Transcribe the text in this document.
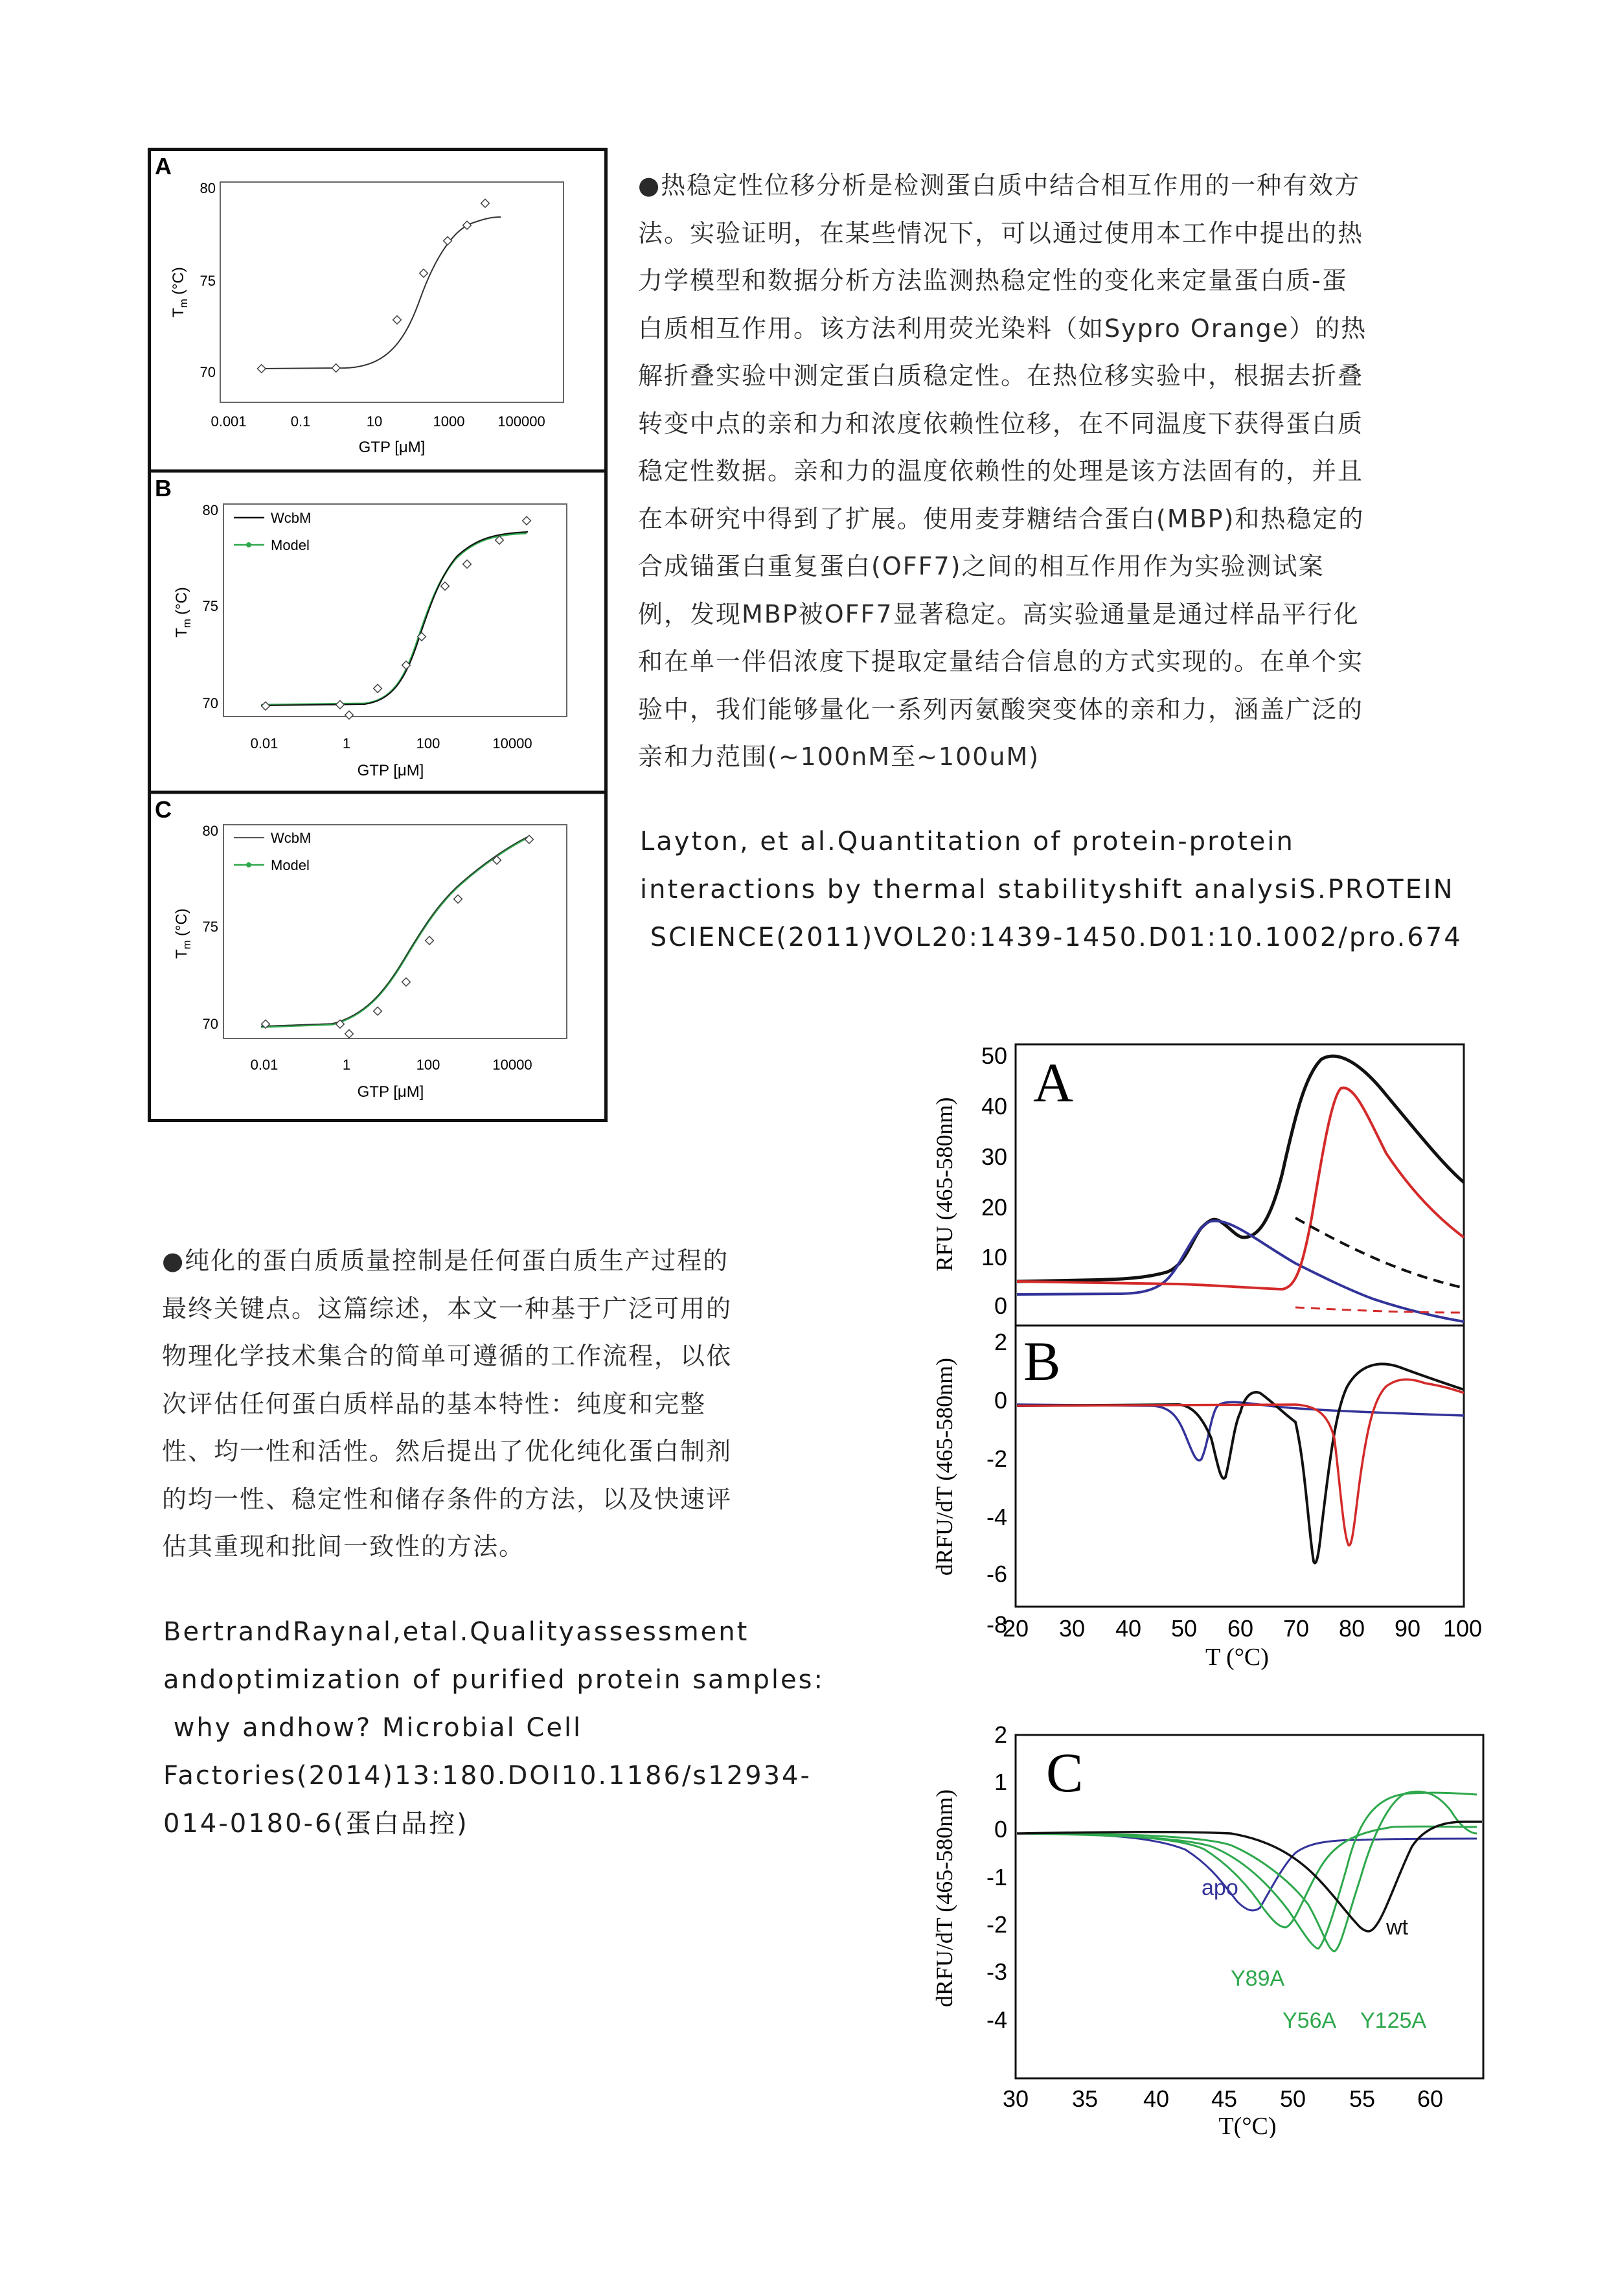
A
80
75
70
0.001	0.1	10	1000 100000
GTP [μM]
$T_m(^\circ C)$
B
80
75
70
0.01	1	100	10000
GTP [μM]
$T_m(^\circ C)$
WcbM
Model
C
80
75
70
0.01	1	100	10000
GTP [μM]
$T_m(^\circ C)$
WcbM
Model
●热稳定性位移分析是检测蛋白质中结合相互作用的一种有效方
法。实验证明，在某些情况下，可以通过使用本工作中提出的热
力学模型和数据分析方法监测热稳定性的变化来定量蛋白质-蛋
白质相互作用。该方法利用荧光染料（如Sypro Orange）的热
解折叠实验中测定蛋白质稳定性。在热位移实验中，根据去折叠
转变中点的亲和力和浓度依赖性位移，在不同温度下获得蛋白质
稳定性数据。亲和力的温度依赖性的处理是该方法固有的，并且
在本研究中得到了扩展。使用麦芽糖结合蛋白(MBP)和热稳定的
合成锚蛋白重复蛋白(OFF7)之间的相互作用作为实验测试案
例，发现MBP被OFF7显著稳定。高实验通量是通过样品平行化
和在单一伴侣浓度下提取定量结合信息的方式实现的。在单个实
验中，我们能够量化一系列丙氨酸突变体的亲和力，涵盖广泛的
亲和力范围(~100nM至~100uM)
Layton, et al.Quantitation of protein-protein
interactions by thermal stabilityshift analysiS.PROTEIN
SCIENCE(2011)VOL20:1439-1450.D01:10.1002/pro.674
●纯化的蛋白质质量控制是任何蛋白质生产过程的
最终关键点。这篇综述，本文一种基于广泛可用的
物理化学技术集合的简单可遵循的工作流程，以依
次评估任何蛋白质样品的基本特性：纯度和完整
性、均一性和活性。然后提出了优化纯化蛋白制剂
的均一性、稳定性和储存条件的方法，以及快速评
估其重现和批间一致性的方法。
BertrandRaynal,etal.Qualityassessment
andoptimization of purified protein samples:
why andhow? Microbial Cell
Factories(2014)13:180.DOI10.1186/s12934-
014-0180-6(蛋白品控)
A
50
40
30
20
10
0
RFU (465-580nm)
B
2
0
-2
-4
-6
-8
20 30 40 50 60 70 80 90 100
T (°C)
dRFU/dT (465-580nm)
C
2
1
0
-1
-2
-3
-4
30 35 40 45 50 55 60
T(°C)
dRFU/dT (465-580nm)	apo
Y89A
Y56A Y125A
wt
